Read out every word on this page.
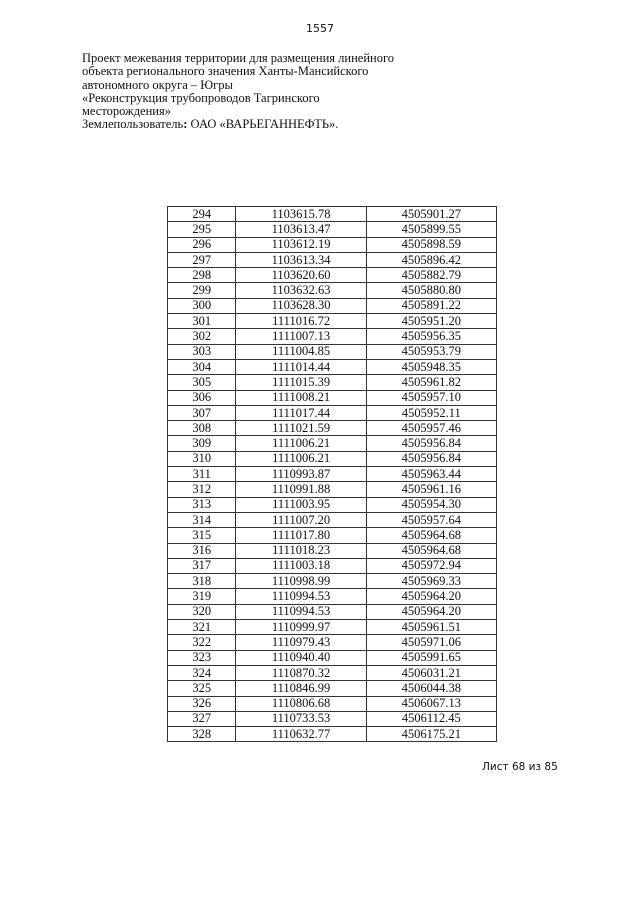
1557
Проект межевания территории для размещения линейного
объекта регионального значения Ханты-Мансийского
автономного округа – Югры
«Реконструкция трубопроводов Тагринского
месторождения»
Землепользователь: ОАО «ВАРЬЕГАННЕФТЬ».
294	1103615.78	4505901.27
295	1103613.47	4505899.55
296	1103612.19	4505898.59
297	1103613.34	4505896.42
298	1103620.60	4505882.79
299	1103632.63	4505880.80
300	1103628.30	4505891.22
301	1111016.72	4505951.20
302	1111007.13	4505956.35
303	1111004.85	4505953.79
304	1111014.44	4505948.35
305	1111015.39	4505961.82
306	1111008.21	4505957.10
307	1111017.44	4505952.11
308	1111021.59	4505957.46
309	1111006.21	4505956.84
310	1111006.21	4505956.84
311	1110993.87	4505963.44
312	1110991.88	4505961.16
313	1111003.95	4505954.30
314	1111007.20	4505957.64
315	1111017.80	4505964.68
316	1111018.23	4505964.68
317	1111003.18	4505972.94
318	1110998.99	4505969.33
319	1110994.53	4505964.20
320	1110994.53	4505964.20
321	1110999.97	4505961.51
322	1110979.43	4505971.06
323	1110940.40	4505991.65
324	1110870.32	4506031.21
325	1110846.99	4506044.38
326	1110806.68	4506067.13
327	1110733.53	4506112.45
328	1110632.77	4506175.21
Лист 68 из 85
